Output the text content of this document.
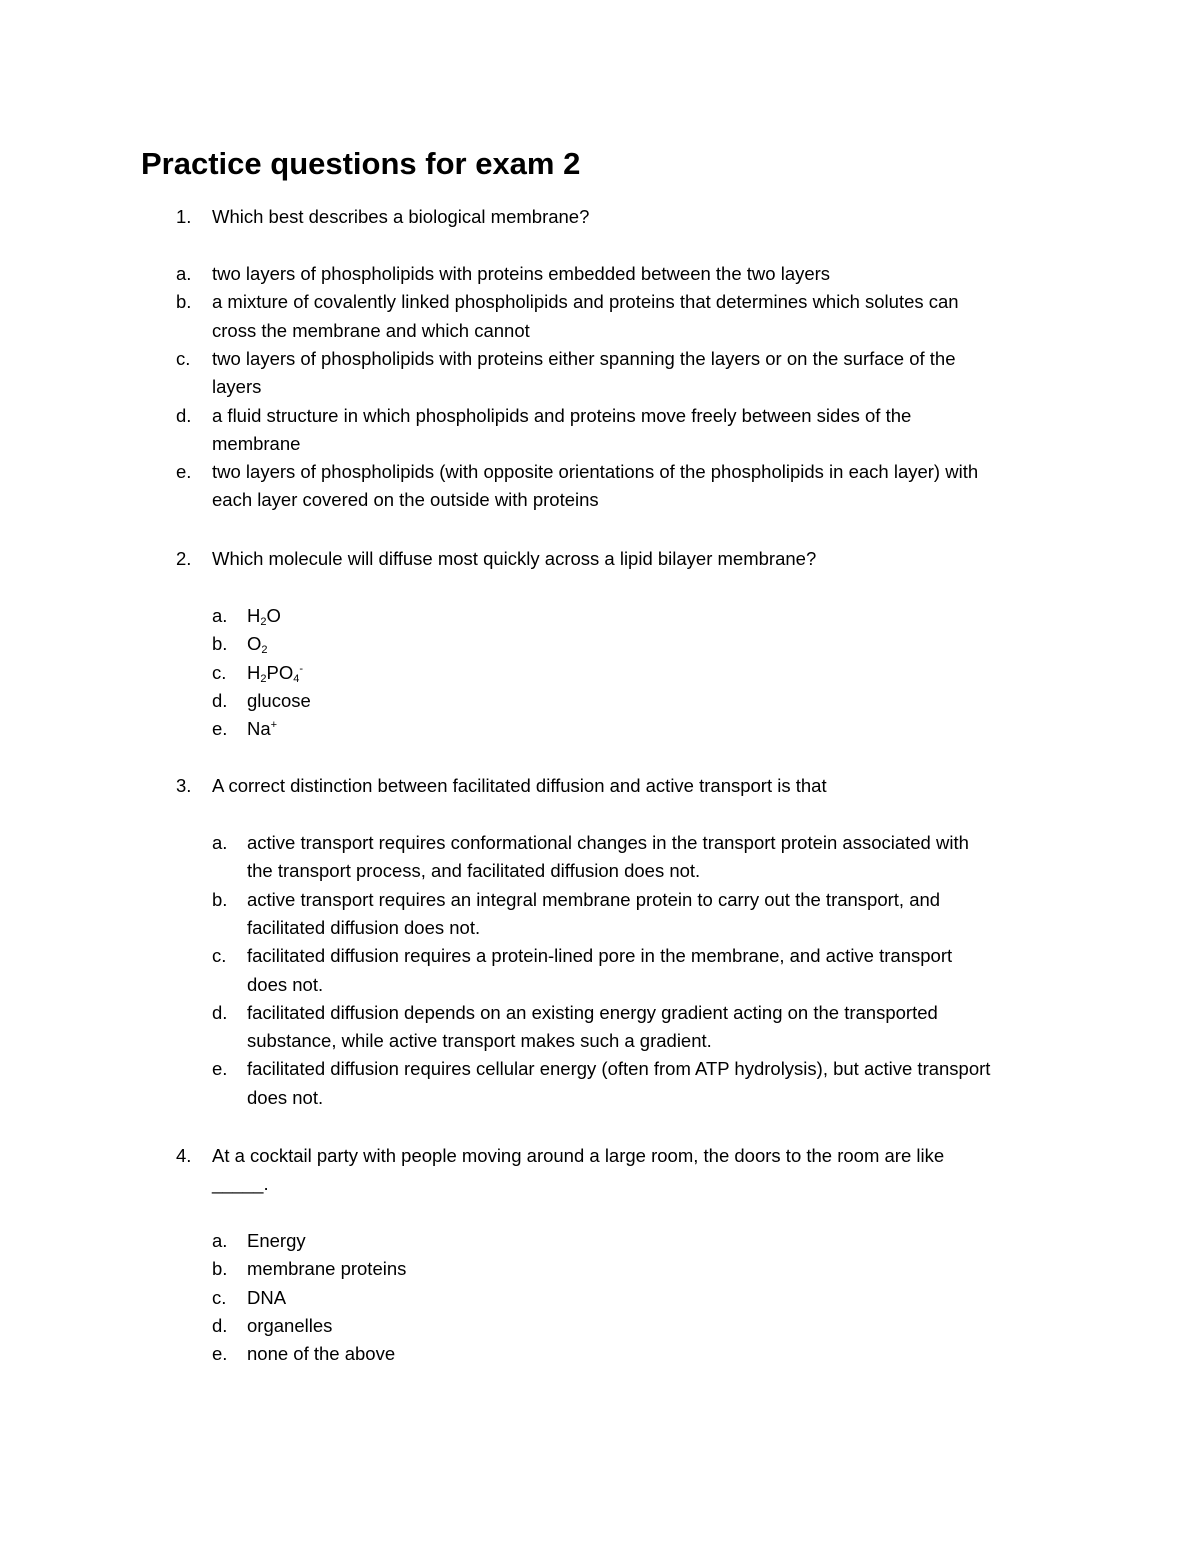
Practice questions for exam 2
1. Which best describes a biological membrane?
a. two layers of phospholipids with proteins embedded between the two layers
b. a mixture of covalently linked phospholipids and proteins that determines which solutes can
cross the membrane and which cannot
c. two layers of phospholipids with proteins either spanning the layers or on the surface of the
layers
d. a fluid structure in which phospholipids and proteins move freely between sides of the
membrane
e. two layers of phospholipids (with opposite orientations of the phospholipids in each layer) with
each layer covered on the outside with proteins
2. Which molecule will diffuse most quickly across a lipid bilayer membrane?
a. $H_2O$
b. $O_2$
c. $H_2PO_4^-$
d. glucose
e. Na+
3. A correct distinction between facilitated diffusion and active transport is that
a. active transport requires conformational changes in the transport protein associated with
the transport process, and facilitated diffusion does not.
b. active transport requires an integral membrane protein to carry out the transport, and
facilitated diffusion does not.
c. facilitated diffusion requires a protein-lined pore in the membrane, and active transport
does not.
d. facilitated diffusion depends on an existing energy gradient acting on the transported
substance, while active transport makes such a gradient.
e. facilitated diffusion requires cellular energy (often from ATP hydrolysis), but active transport
does not.
4. At a cocktail party with people moving around a large room, the doors to the room are like
_____.
a. Energy
b. membrane proteins
c. DNA
d. organelles
e. none of the above
